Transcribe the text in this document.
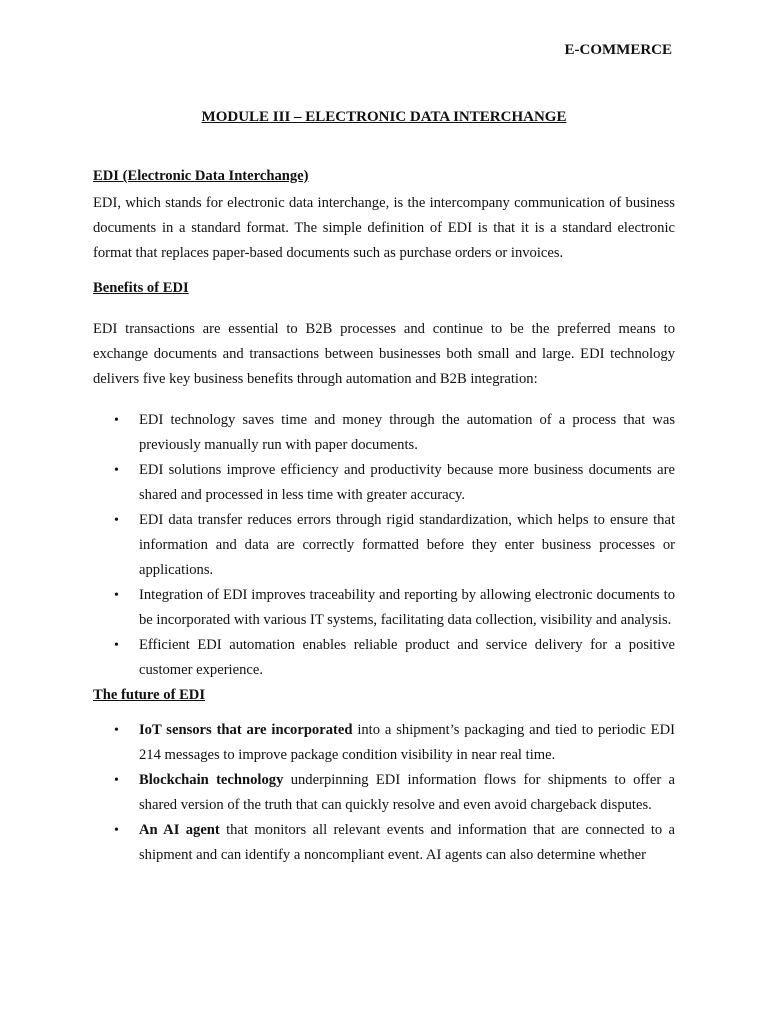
E-COMMERCE
MODULE III – ELECTRONIC DATA INTERCHANGE
EDI (Electronic Data Interchange)

EDI, which stands for electronic data interchange, is the intercompany communication of business documents in a standard format. The simple definition of EDI is that it is a standard electronic format that replaces paper-based documents such as purchase orders or invoices.

Benefits of EDI

EDI transactions are essential to B2B processes and continue to be the preferred means to exchange documents and transactions between businesses both small and large. EDI technology delivers five key business benefits through automation and B2B integration:

• EDI technology saves time and money through the automation of a process that was previously manually run with paper documents.
• EDI solutions improve efficiency and productivity because more business documents are shared and processed in less time with greater accuracy.
• EDI data transfer reduces errors through rigid standardization, which helps to ensure that information and data are correctly formatted before they enter business processes or applications.
• Integration of EDI improves traceability and reporting by allowing electronic documents to be incorporated with various IT systems, facilitating data collection, visibility and analysis.
• Efficient EDI automation enables reliable product and service delivery for a positive customer experience.
The future of EDI
• IoT sensors that are incorporated into a shipment’s packaging and tied to periodic EDI 214 messages to improve package condition visibility in near real time.
• Blockchain technology underpinning EDI information flows for shipments to offer a shared version of the truth that can quickly resolve and even avoid chargeback disputes.
• An AI agent that monitors all relevant events and information that are connected to a shipment and can identify a noncompliant event. AI agents can also determine whether
